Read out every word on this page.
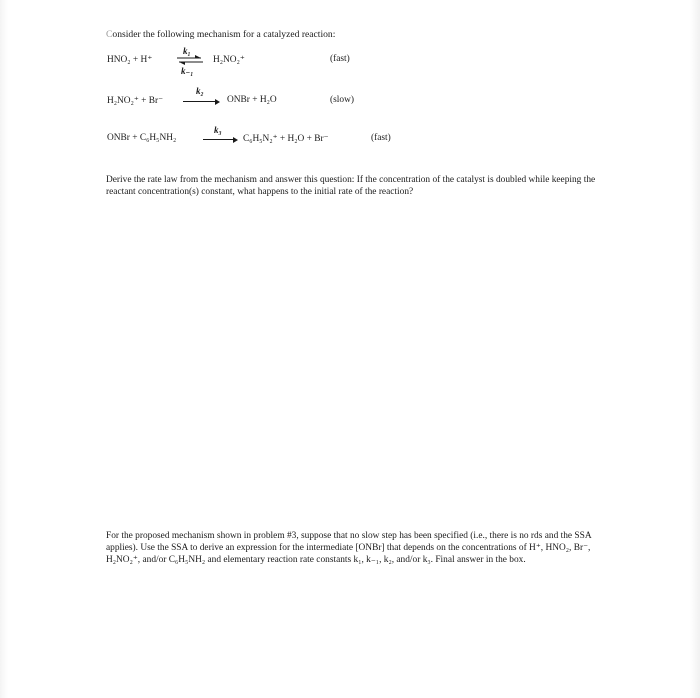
Consider the following mechanism for a catalyzed reaction:
HNO₂ + H⁺
k₁
k₋₁
H₂NO₂⁺	(fast)
H₂NO₂⁺ + Br⁻
k₂
→ ONBr + H₂O	(slow)
ONBr + C₆H₅NH₂
k₃
→ C₆H₅N₂⁺ + H₂O + Br⁻	(fast)
Derive the rate law from the mechanism and answer this question: If the concentration of the catalyst is doubled while keeping the reactant concentration(s) constant, what happens to the initial rate of the reaction?
For the proposed mechanism shown in problem #3, suppose that no slow step has been specified (i.e., there is no rds and the SSA applies). Use the SSA to derive an expression for the intermediate [ONBr] that depends on the concentrations of H⁺, HNO₂, Br⁻, H₂NO₂⁺, and/or C₆H₅NH₂ and elementary reaction rate constants k₁, k₋₁, k₂, and/or k₃. Final answer in the box.
